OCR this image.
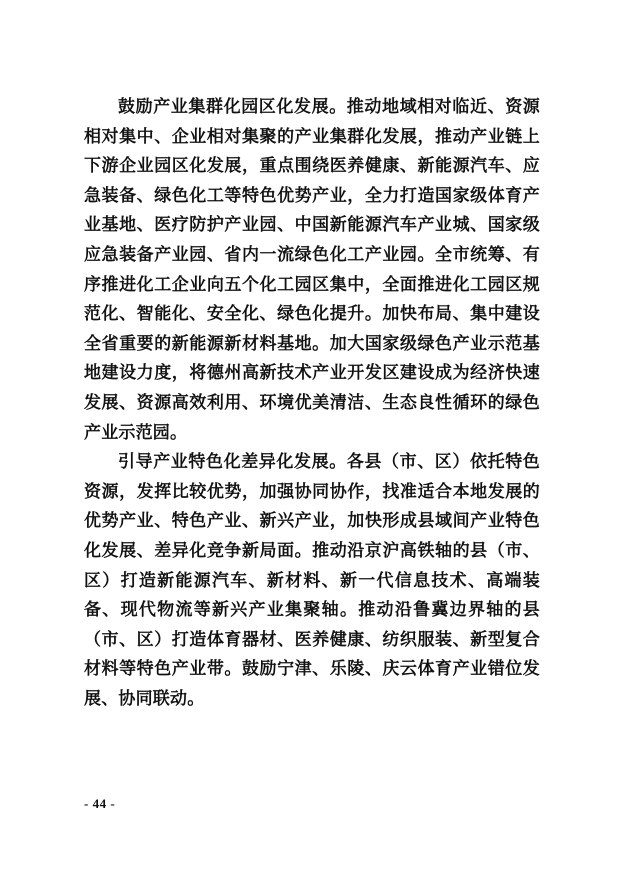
鼓励产业集群化园区化发展。推动地域相对临近、资源相对集中、企业相对集聚的产业集群化发展，推动产业链上下游企业园区化发展，重点围绕医养健康、新能源汽车、应急装备、绿色化工等特色优势产业，全力打造国家级体育产业基地、医疗防护产业园、中国新能源汽车产业城、国家级应急装备产业园、省内一流绿色化工产业园。全市统筹、有序推进化工企业向五个化工园区集中，全面推进化工园区规范化、智能化、安全化、绿色化提升。加快布局、集中建设全省重要的新能源新材料基地。加大国家级绿色产业示范基地建设力度，将德州高新技术产业开发区建设成为经济快速发展、资源高效利用、环境优美清洁、生态良性循环的绿色产业示范园。

引导产业特色化差异化发展。各县（市、区）依托特色资源，发挥比较优势，加强协同协作，找准适合本地发展的优势产业、特色产业、新兴产业，加快形成县域间产业特色化发展、差异化竞争新局面。推动沿京沪高铁轴的县（市、区）打造新能源汽车、新材料、新一代信息技术、高端装备、现代物流等新兴产业集聚轴。推动沿鲁冀边界轴的县（市、区）打造体育器材、医养健康、纺织服装、新型复合材料等特色产业带。鼓励宁津、乐陵、庆云体育产业错位发展、协同联动。

- 44 -
